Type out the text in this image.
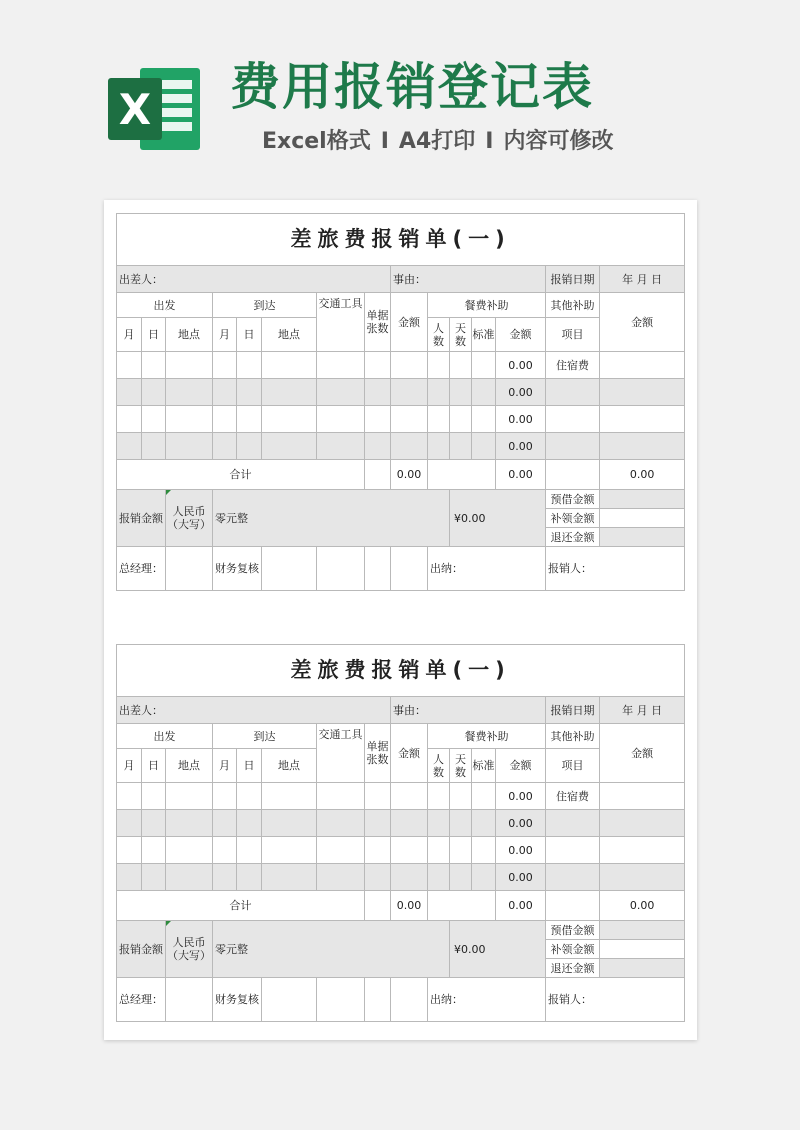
X 费用报销登记表
Excel格式 I A4打印 I 内容可修改
差旅费报销单(一)														
出差人：								事由：					报销日期	年 月 日
出发			到达			交通工具	单据张数	金额	餐费补助				其他补助	金额
月	日	地点	月	日	地点				人数	天数	标准	金额	项目	
												0.00	住宿费	
												0.00		
												0.00		
												0.00		
合计								0.00				0.00		0.00
报销金额		人民币（大写）	零元整							¥0.00			预借金额	
													补领金额	
													退还金额	
总经理：			财务复核						出纳：				报销人：	
差旅费报销单(一)														
出差人：								事由：					报销日期	年 月 日
出发			到达			交通工具	单据张数	金额	餐费补助				其他补助	金额
月	日	地点	月	日	地点				人数	天数	标准	金额	项目	
												0.00	住宿费	
												0.00		
												0.00		
												0.00		
合计								0.00				0.00		0.00
报销金额		人民币（大写）	零元整							¥0.00			预借金额	
													补领金额	
													退还金额	
总经理：			财务复核						出纳：				报销人：	
